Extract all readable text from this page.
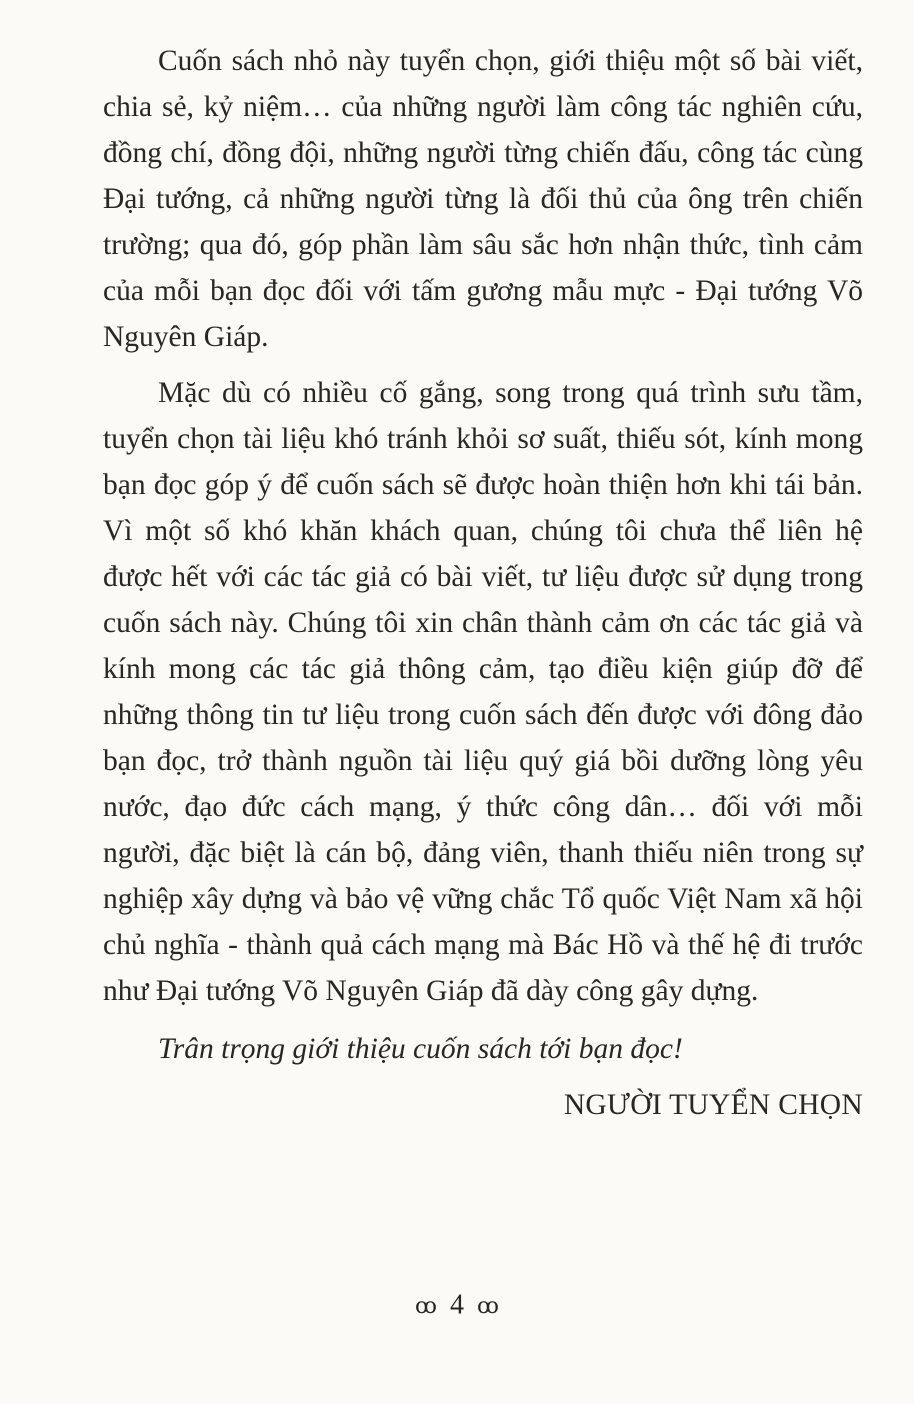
Cuốn sách nhỏ này tuyển chọn, giới thiệu một số bài viết, chia sẻ, kỷ niệm… của những người làm công tác nghiên cứu, đồng chí, đồng đội, những người từng chiến đấu, công tác cùng Đại tướng, cả những người từng là đối thủ của ông trên chiến trường; qua đó, góp phần làm sâu sắc hơn nhận thức, tình cảm của mỗi bạn đọc đối với tấm gương mẫu mực - Đại tướng Võ Nguyên Giáp.

Mặc dù có nhiều cố gắng, song trong quá trình sưu tầm, tuyển chọn tài liệu khó tránh khỏi sơ suất, thiếu sót, kính mong bạn đọc góp ý để cuốn sách sẽ được hoàn thiện hơn khi tái bản. Vì một số khó khăn khách quan, chúng tôi chưa thể liên hệ được hết với các tác giả có bài viết, tư liệu được sử dụng trong cuốn sách này. Chúng tôi xin chân thành cảm ơn các tác giả và kính mong các tác giả thông cảm, tạo điều kiện giúp đỡ để những thông tin tư liệu trong cuốn sách đến được với đông đảo bạn đọc, trở thành nguồn tài liệu quý giá bồi dưỡng lòng yêu nước, đạo đức cách mạng, ý thức công dân… đối với mỗi người, đặc biệt là cán bộ, đảng viên, thanh thiếu niên trong sự nghiệp xây dựng và bảo vệ vững chắc Tổ quốc Việt Nam xã hội chủ nghĩa - thành quả cách mạng mà Bác Hồ và thế hệ đi trước như Đại tướng Võ Nguyên Giáp đã dày công gây dựng.

Trân trọng giới thiệu cuốn sách tới bạn đọc!

NGƯỜI TUYỂN CHỌN

ꝏ 4 ꝏ
